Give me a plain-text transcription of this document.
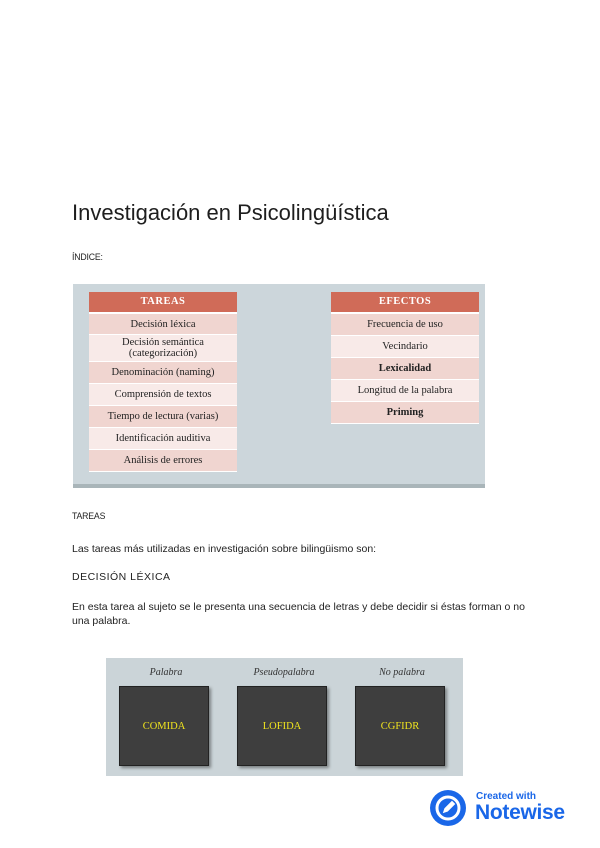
Investigación en Psicolingüística
ÍNDICE:
TAREAS
Decisión léxica
Decisión semántica (categorización)
Denominación (naming)
Comprensión de textos
Tiempo de lectura (varias)
Identificación auditiva
Análisis de errores
EFECTOS
Frecuencia de uso
Vecindario
Lexicalidad
Longitud de la palabra
Priming
TAREAS
Las tareas más utilizadas en investigación sobre bilingüismo son:
DECISIÓN LÉXICA
En esta tarea al sujeto se le presenta una secuencia de letras y debe decidir si éstas forman o no una palabra.
Palabra
COMIDA
Pseudopalabra
LOFIDA
No palabra
CGFIDR
Created with
Notewise
